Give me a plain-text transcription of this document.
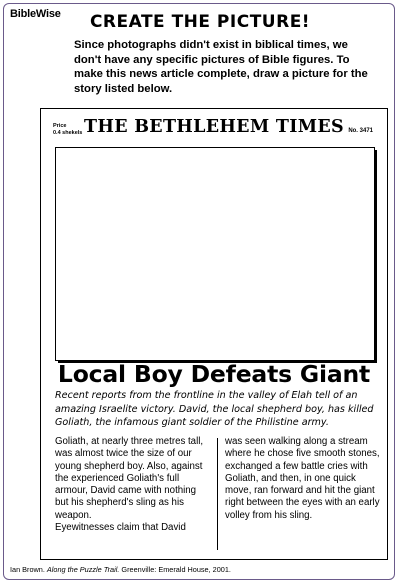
BibleWise	CREATE THE PICTURE!
Since photographs didn't exist in biblical times, we don't have any specific pictures of Bible figures. To make this news article complete, draw a picture for the story listed below.
Price
0.4 shekels THE BETHLEHEM TIMES No. 3471
Local Boy Defeats Giant
Recent reports from the frontline in the valley of Elah tell of an amazing Israelite victory. David, the local shepherd boy, has killed Goliath, the infamous giant soldier of the Philistine army.
Goliath, at nearly three metres tall, was almost twice the size of our young shepherd boy. Also, against the experienced Goliath's full armour, David came with nothing but his shepherd's sling as his weapon.
Eyewitnesses claim that David
was seen walking along a stream where he chose five smooth stones, exchanged a few battle cries with Goliath, and then, in one quick move, ran forward and hit the giant right between the eyes with an early volley from his sling.
Ian Brown. Along the Puzzle Trail. Greenville: Emerald House, 2001.
